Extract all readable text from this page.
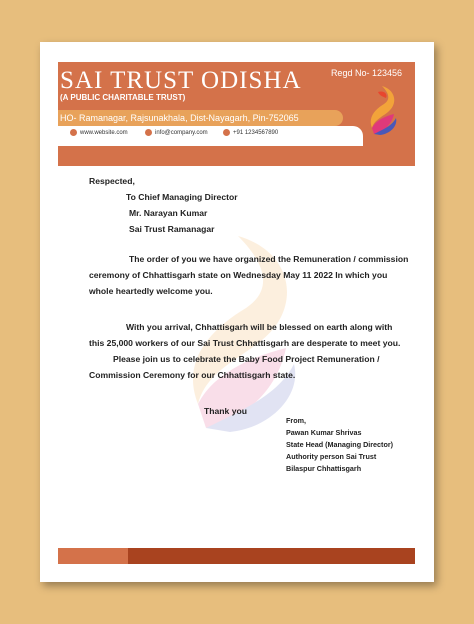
SAI TRUST ODISHA
(A PUBLIC CHARITABLE TRUST)
Regd No- 123456
HO- Ramanagar, Rajsunakhala, Dist-Nayagarh, Pin-752065
www.website.com	info@company.com	+91 1234567890
Respected,
To Chief Managing Director
Mr. Narayan Kumar
Sai Trust Ramanagar
The order of you we have organized the Remuneration / commission
ceremony of Chhattisgarh state on Wednesday May 11 2022 In which you
whole heartedly welcome you.
With you arrival, Chhattisgarh will be blessed on earth along with
this 25,000 workers of our Sai Trust Chhattisgarh are desperate to meet you.
Please join us to celebrate the Baby Food Project Remuneration /
Commission Ceremony for our Chhattisgarh state.
Thank you
From,
Pawan Kumar Shrivas
State Head (Managing Director)
Authority person Sai Trust
Bilaspur Chhattisgarh
